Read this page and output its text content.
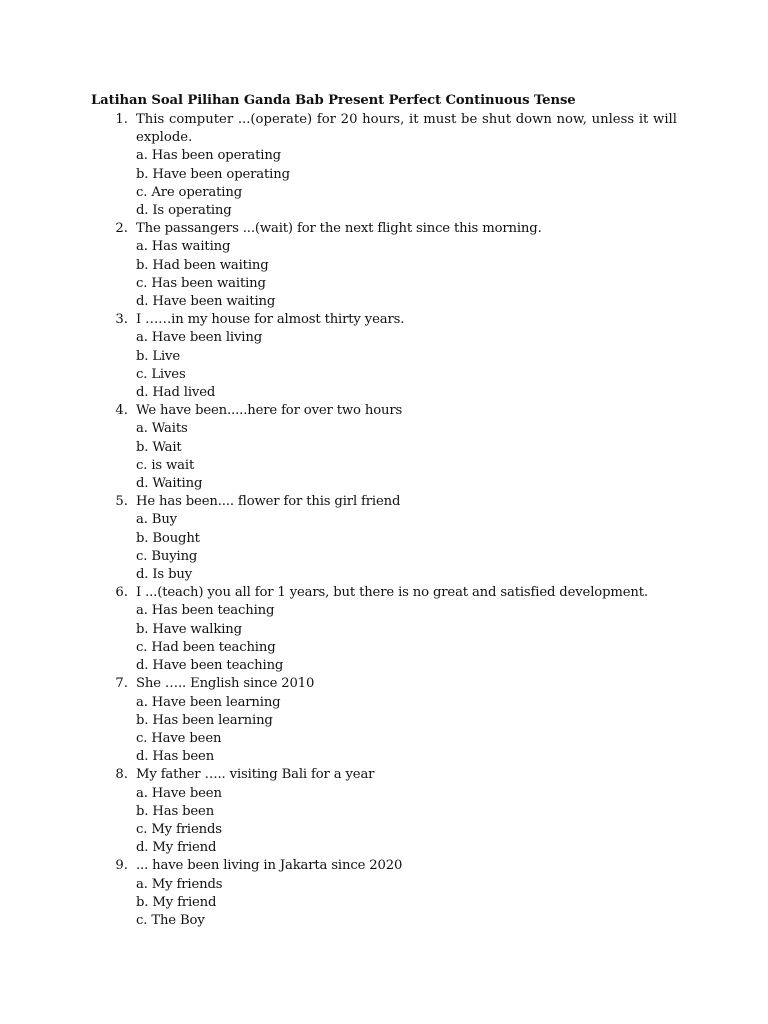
Latihan Soal Pilihan Ganda Bab Present Perfect Continuous Tense
1. This computer ...(operate) for 20 hours, it must be shut down now, unless it will explode.
a. Has been operating
b. Have been operating
c. Are operating
d. Is operating
2. The passangers ...(wait) for the next flight since this morning.
a. Has waiting
b. Had been waiting
c. Has been waiting
d. Have been waiting
3. I ……in my house for almost thirty years.
a. Have been living
b. Live
c. Lives
d. Had lived
4. We have been.....here for over two hours
a. Waits
b. Wait
c. is wait
d. Waiting
5. He has been.... flower for this girl friend
a. Buy
b. Bought
c. Buying
d. Is buy
6. I ...(teach) you all for 1 years, but there is no great and satisfied development.
a. Has been teaching
b. Have walking
c. Had been teaching
d. Have been teaching
7. She ….. English since 2010
a. Have been learning
b. Has been learning
c. Have been
d. Has been
8. My father ….. visiting Bali for a year
a. Have been
b. Has been
c. My friends
d. My friend
9. ... have been living in Jakarta since 2020
a. My friends
b. My friend
c. The Boy
